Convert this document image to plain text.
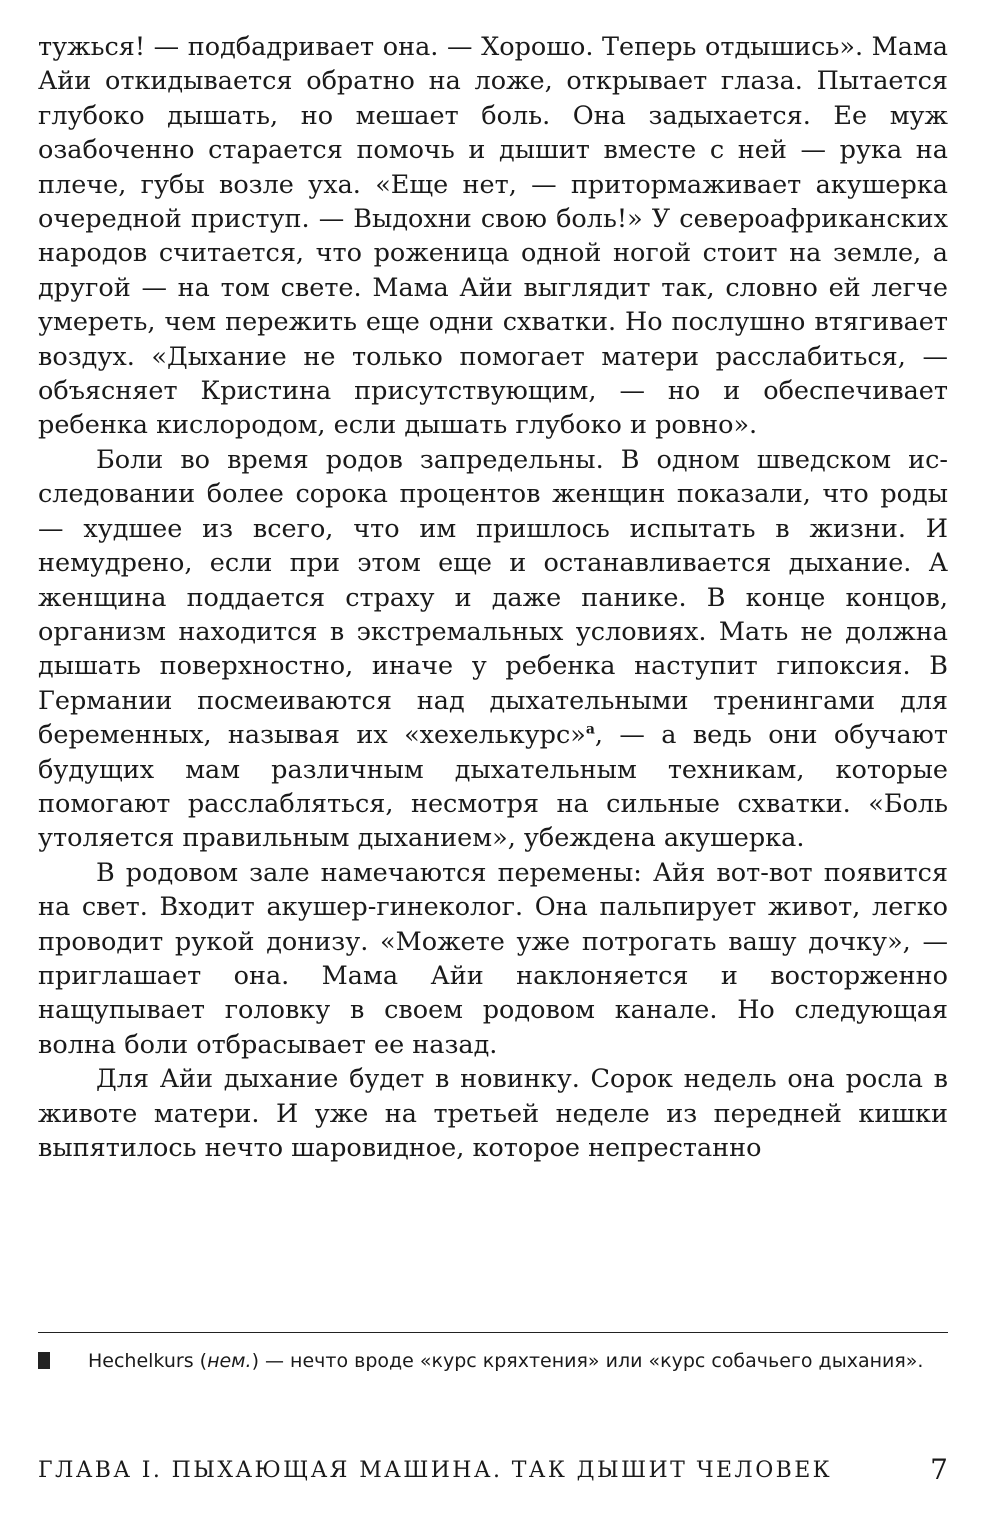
тужься! — подбадривает она. — Хорошо. Теперь отдышись». Мама Айи откидывается обратно на ложе, открывает глаза. Пытается глубоко дышать, но мешает боль. Она задыхается. Ее муж озабоченно старается помочь и дышит вместе с ней — рука на плече, губы возле уха. «Еще нет, — притормаживает акушерка очередной приступ. — Выдохни свою боль!» У североафриканских народов считается, что роженица одной ногой стоит на земле, а другой — на том свете. Мама Айи выглядит так, словно ей легче умереть, чем пережить еще одни схватки. Но послушно втягивает воздух. «Дыхание не только помогает матери расслабиться, — объясняет Кристина присутствующим, — но и обеспечивает ребенка кислородом, если дышать глубоко и ровно».

Боли во время родов запредельны. В одном шведском исследовании более сорока процентов женщин показали, что роды — худшее из всего, что им пришлось испытать в жизни. И немудрено, если при этом еще и останавливается дыхание. А женщина поддается страху и даже панике. В конце концов, организм находится в экстремальных условиях. Мать не должна дышать поверхностно, иначе у ребенка наступит гипоксия. В Германии посмеиваются над дыхательными тренингами для беременных, называя их «хехелькурс»$^a$, — а ведь они обучают будущих мам различным дыхательным техникам, которые помогают расслабляться, несмотря на сильные схватки. «Боль утоляется правильным дыханием», убеждена акушерка.

В родовом зале намечаются перемены: Айя вот-вот появится на свет. Входит акушер-гинеколог. Она пальпирует живот, легко проводит рукой донизу. «Можете уже потрогать вашу дочку», — приглашает она. Мама Айи наклоняется и восторженно нащупывает головку в своем родовом канале. Но следующая волна боли отбрасывает ее назад.

Для Айи дыхание будет в новинку. Сорок недель она росла в животе матери. И уже на третьей неделе из передней кишки выпятилось нечто шаровидное, которое непрестанно

Hechelkurs (нем.) — нечто вроде «курс кряхтения» или «курс собачьего дыхания».
ГЛАВА I. ПЫХАЮЩАЯ МАШИНА. ТАК ДЫШИТ ЧЕЛОВЕК	7
